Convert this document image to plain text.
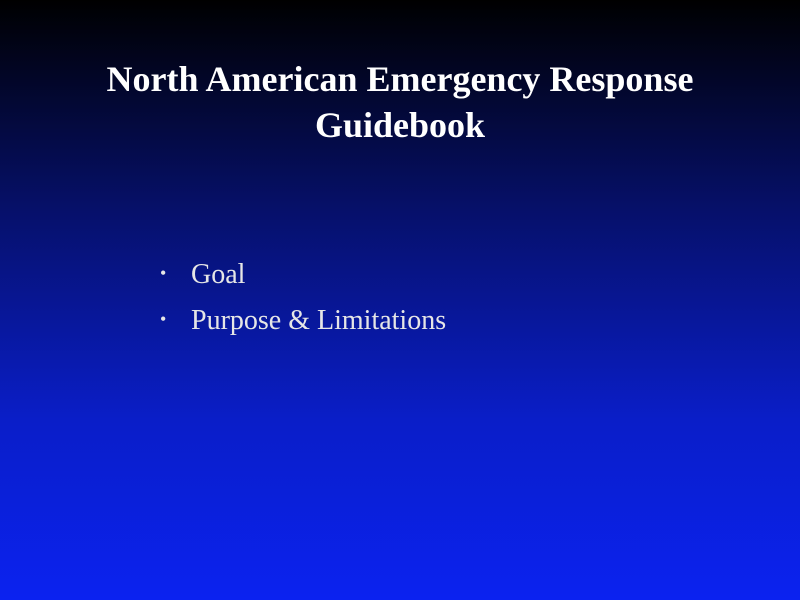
North American Emergency Response Guidebook
• Goal
• Purpose & Limitations
